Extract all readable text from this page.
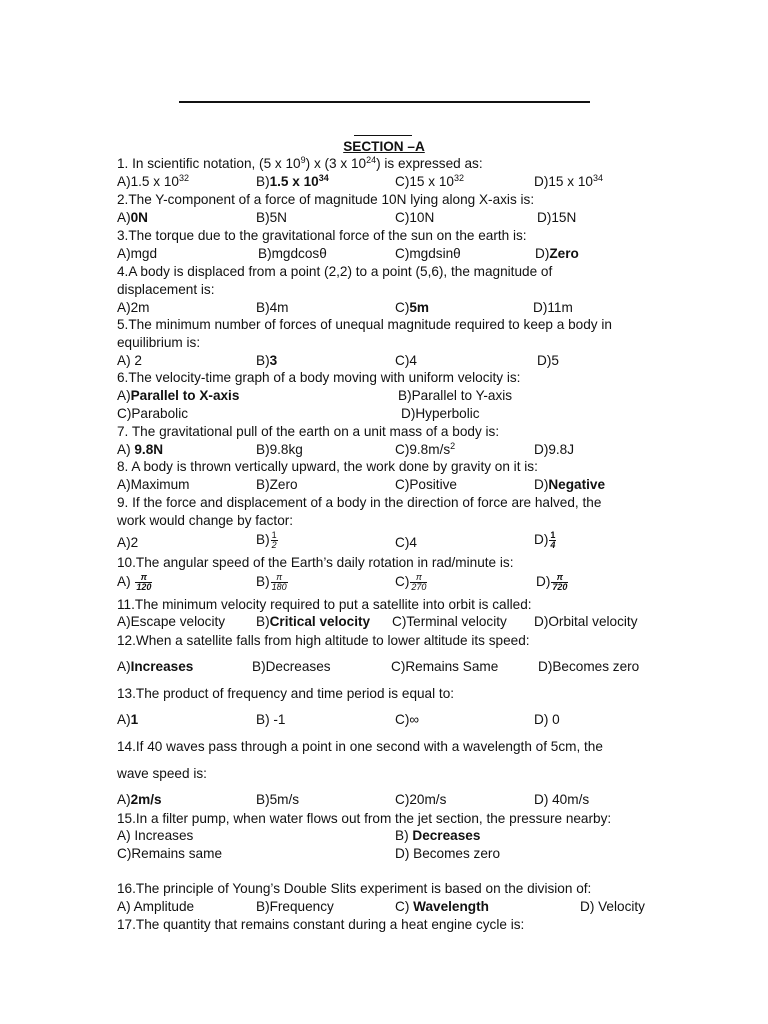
SECTION –A
1. In scientific notation, (5 x $10^9$) x (3 x $10^{24}$) is expressed as:
A)1.5 x $10^{32}$	B)1.5 x $10^{34}$	C)15 x $10^{32}$	D)15 x $10^{34}$
2.The Y-component of a force of magnitude 10N lying along X-axis is:
A)0N	B)5N	C)10N	D)15N
3.The torque due to the gravitational force of the sun on the earth is:
A)mgd	B)mgdcosθ	C)mgdsinθ	D)Zero
4.A body is displaced from a point (2,2) to a point (5,6), the magnitude of
displacement is:
A)2m	B)4m	C)5m	D)11m
5.The minimum number of forces of unequal magnitude required to keep a body in
equilibrium is:
A) 2	B)3	C)4	D)5
6.The velocity-time graph of a body moving with uniform velocity is:
A)Parallel to X-axis	B)Parallel to Y-axis
C)Parabolic	D)Hyperbolic
7. The gravitational pull of the earth on a unit mass of a body is:
A) 9.8N	B)9.8kg	$C)9.8m/s^2$	D)9.8J
8. A body is thrown vertically upward, the work done by gravity on it is:
A)Maximum	B)Zero	C)Positive	D)Negative
9. If the force and displacement of a body in the direction of force are halved, the
work would change by factor:
A)2	$B) \frac{1}{2}$	C)4	$D) \frac{1}{4}$
10.The angular speed of the Earth’s daily rotation in rad/minute is:
$A) \frac{\pi}{120}$	$B) \frac{\pi}{180}$	$C) \frac{\pi}{270}$	$D) \frac{\pi}{720}$
11.The minimum velocity required to put a satellite into orbit is called:
A)Escape velocity B)Critical velocity C)Terminal velocity D)Orbital velocity
12.When a satellite falls from high altitude to lower altitude its speed:
A)Increases	B)Decreases	C)Remains Same	D)Becomes zero
13.The product of frequency and time period is equal to:
A)1	B) -1	C)∞	D) 0
14.If 40 waves pass through a point in one second with a wavelength of 5cm, the
wave speed is:
A)2m/s	B)5m/s	C)20m/s	D) 40m/s
15.In a filter pump, when water flows out from the jet section, the pressure nearby:
A) Increases	B) Decreases
C)Remains same	D) Becomes zero
16.The principle of Young’s Double Slits experiment is based on the division of:
A) Amplitude	B)Frequency	C) Wavelength	D) Velocity
17.The quantity that remains constant during a heat engine cycle is:
